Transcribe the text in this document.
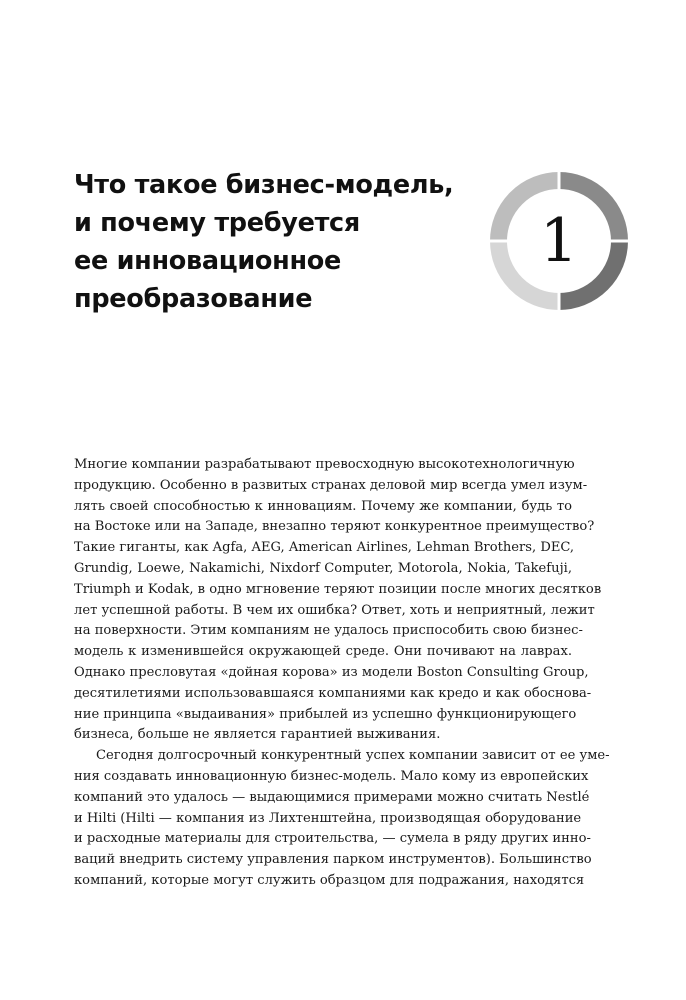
Что такое бизнес-модель,
и почему требуется
ее инновационное
преобразование
1

Многие компании разрабатывают превосходную высокотехнологичную
продукцию. Особенно в развитых странах деловой мир всегда умел изум-
лять своей способностью к инновациям. Почему же компании, будь то
на Востоке или на Западе, внезапно теряют конкурентное преимущество?
Такие гиганты, как Agfa, AEG, American Airlines, Lehman Brothers, DEC,
Grundig, Loewe, Nakamichi, Nixdorf Computer, Motorola, Nokia, Takefuji,
Triumph и Kodak, в одно мгновение теряют позиции после многих десятков
лет успешной работы. В чем их ошибка? Ответ, хоть и неприятный, лежит
на поверхности. Этим компаниям не удалось приспособить свою бизнес-
модель к изменившейся окружающей среде. Они почивают на лаврах.
Однако пресловутая «дойная корова» из модели Boston Consulting Group,
десятилетиями использовавшаяся компаниями как кредо и как обоснова-
ние принципа «выдаивания» прибылей из успешно функционирующего
бизнеса, больше не является гарантией выживания.

Сегодня долгосрочный конкурентный успех компании зависит от ее уме-
ния создавать инновационную бизнес-модель. Мало кому из европейских
компаний это удалось — выдающимися примерами можно считать Nestlé
и Hilti (Hilti — компания из Лихтенштейна, производящая оборудование
и расходные материалы для строительства, — сумела в ряду других инно-
ваций внедрить систему управления парком инструментов). Большинство
компаний, которые могут служить образцом для подражания, находятся
